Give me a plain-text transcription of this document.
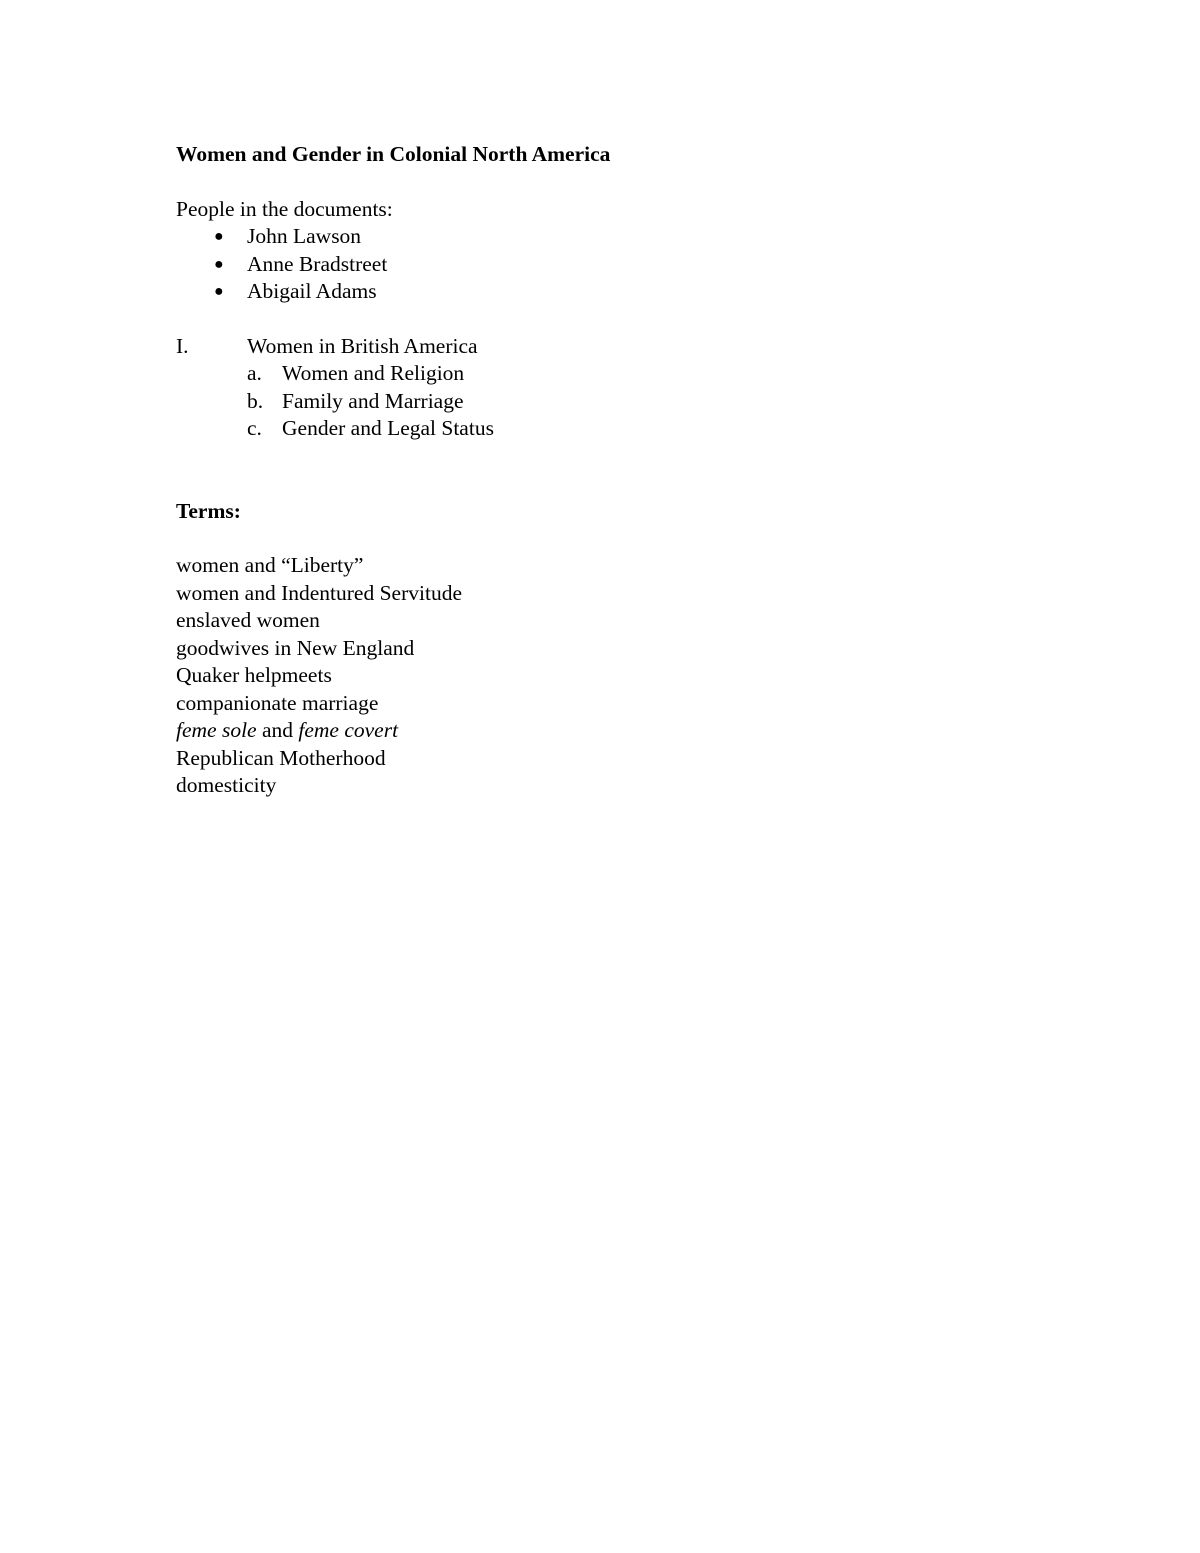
Women and Gender in Colonial North America

People in the documents:

● John Lawson
● Anne Bradstreet
● Abigail Adams
I.	Women in British America
a. Women and Religion
b. Family and Marriage
c. Gender and Legal Status

Terms:

women and “Liberty”
women and Indentured Servitude
enslaved women
goodwives in New England
Quaker helpmeets
companionate marriage
feme sole and feme covert
Republican Motherhood
domesticity
